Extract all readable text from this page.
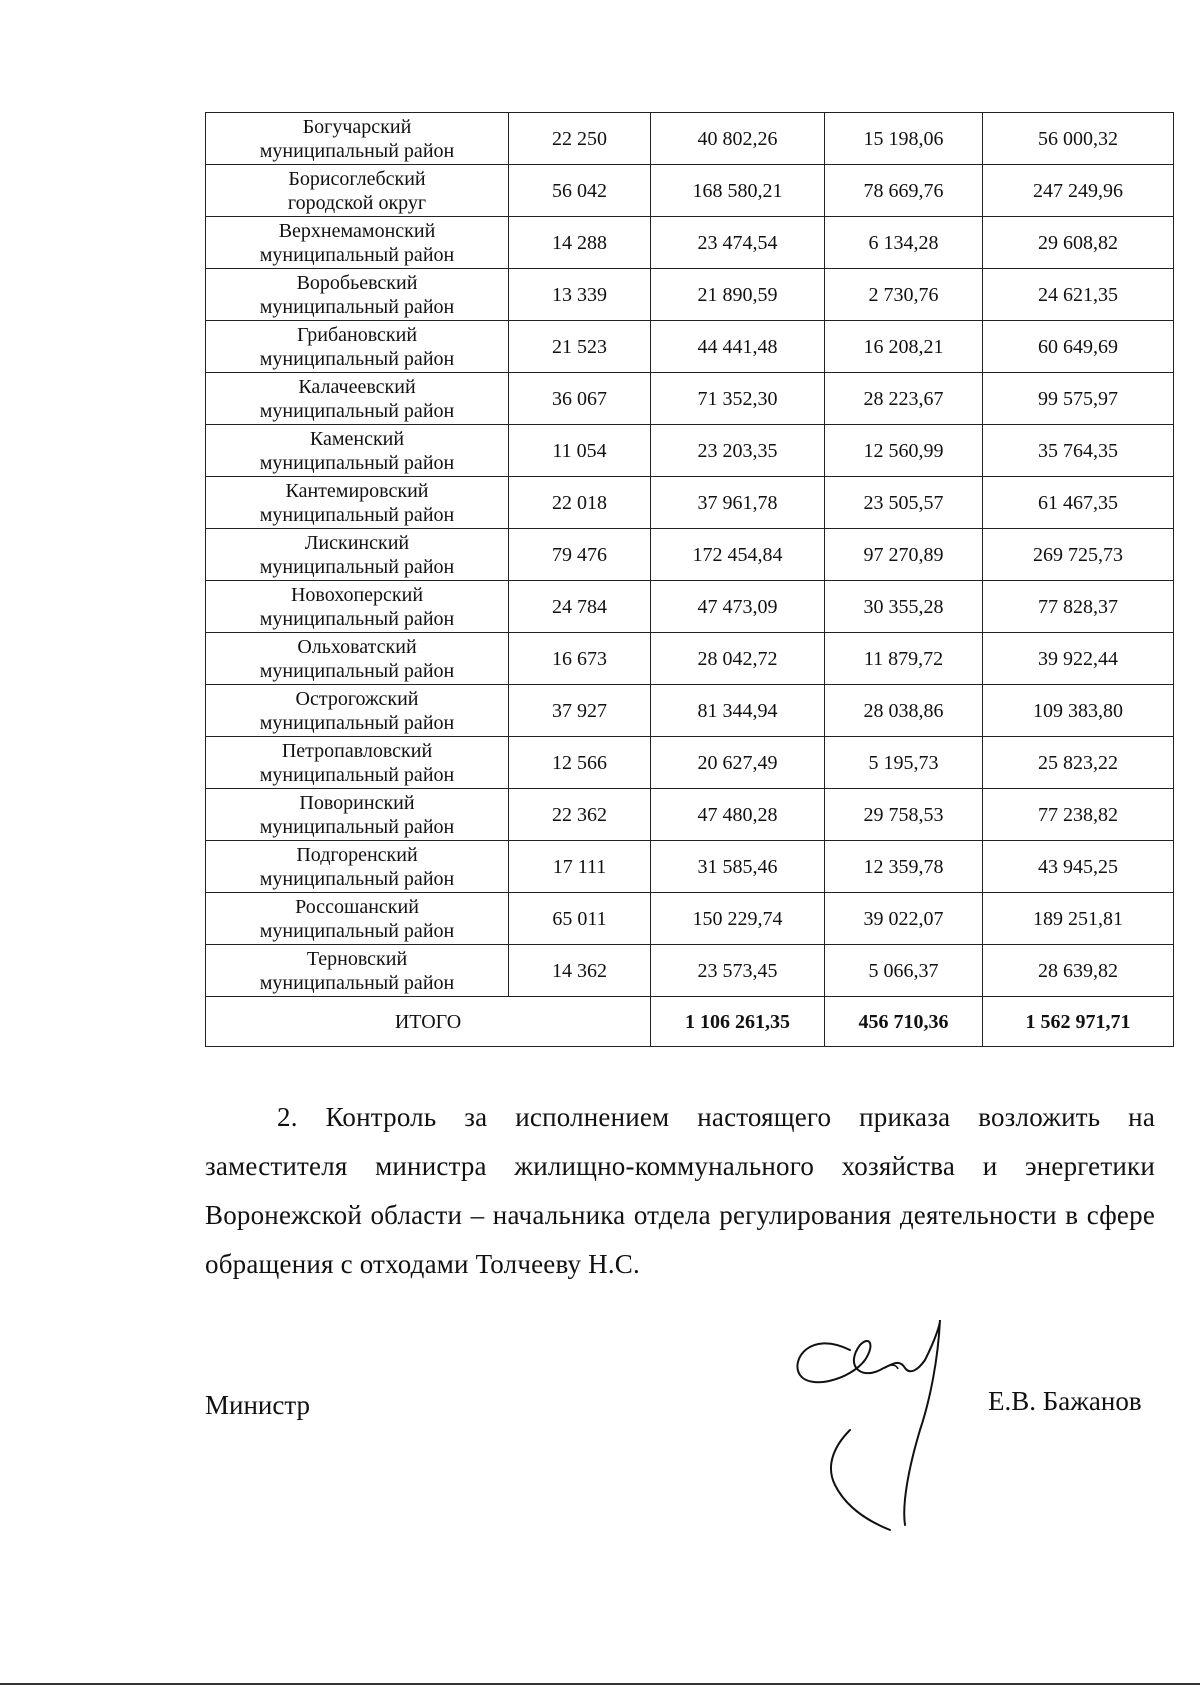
Богучарский
муниципальный район	22 250	40 802,26	15 198,06	56 000,32

Борисоглебский
городской округ	56 042	168 580,21	78 669,76	247 249,96

Верхнемамонский
муниципальный район	14 288	23 474,54	6 134,28	29 608,82

Воробьевский
муниципальный район	13 339	21 890,59	2 730,76	24 621,35

Грибановский
муниципальный район	21 523	44 441,48	16 208,21	60 649,69

Калачеевский
муниципальный район	36 067	71 352,30	28 223,67	99 575,97

Каменский
муниципальный район	11 054	23 203,35	12 560,99	35 764,35

Кантемировский
муниципальный район	22 018	37 961,78	23 505,57	61 467,35

Лискинский
муниципальный район	79 476	172 454,84	97 270,89	269 725,73

Новохоперский
муниципальный район	24 784	47 473,09	30 355,28	77 828,37

Ольховатский
муниципальный район	16 673	28 042,72	11 879,72	39 922,44

Острогожский
муниципальный район	37 927	81 344,94	28 038,86	109 383,80

Петропавловский
муниципальный район	12 566	20 627,49	5 195,73	25 823,22

Поворинский
муниципальный район	22 362	47 480,28	29 758,53	77 238,82

Подгоренский
муниципальный район	17 111	31 585,46	12 359,78	43 945,25

Россошанский
муниципальный район	65 011	150 229,74	39 022,07	189 251,81

Терновский
муниципальный район	14 362	23 573,45	5 066,37	28 639,82
ИТОГО		1 106 261,35	456 710,36	1 562 971,71
2. Контроль за исполнением настоящего приказа возложить на заместителя министра жилищно-коммунального хозяйства и энергетики Воронежской области – начальника отдела регулирования деятельности в сфере обращения с отходами Толчееву Н.С.
Министр	Е.В. Бажанов
